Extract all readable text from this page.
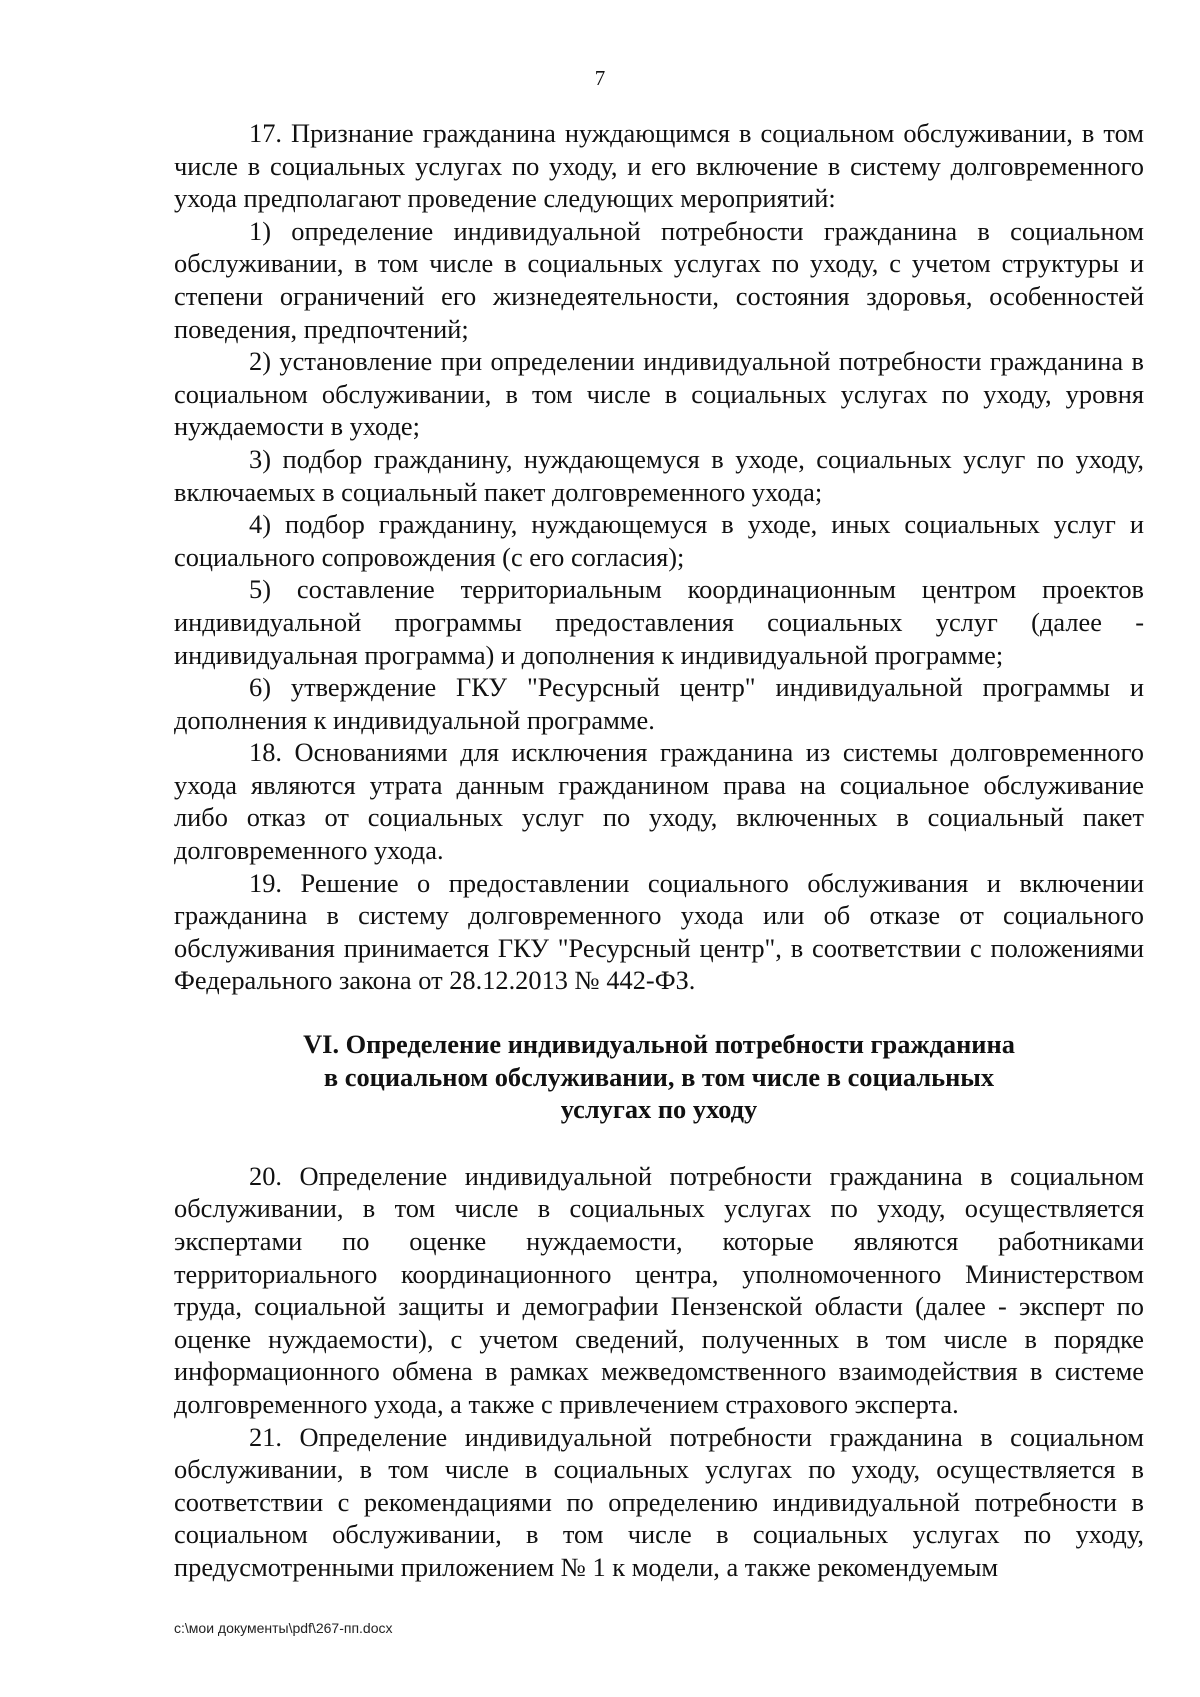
7

17. Признание гражданина нуждающимся в социальном обслуживании, в том числе в социальных услугах по уходу, и его включение в систему долговременного ухода предполагают проведение следующих мероприятий:

1) определение индивидуальной потребности гражданина в социальном обслуживании, в том числе в социальных услугах по уходу, с учетом структуры и степени ограничений его жизнедеятельности, состояния здоровья, особенностей поведения, предпочтений;

2) установление при определении индивидуальной потребности гражданина в социальном обслуживании, в том числе в социальных услугах по уходу, уровня нуждаемости в уходе;

3) подбор гражданину, нуждающемуся в уходе, социальных услуг по уходу, включаемых в социальный пакет долговременного ухода;

4) подбор гражданину, нуждающемуся в уходе, иных социальных услуг и социального сопровождения (с его согласия);

5) составление территориальным координационным центром проектов индивидуальной программы предоставления социальных услуг (далее - индивидуальная программа) и дополнения к индивидуальной программе;

6) утверждение ГКУ "Ресурсный центр" индивидуальной программы и дополнения к индивидуальной программе.

18. Основаниями для исключения гражданина из системы долговременного ухода являются утрата данным гражданином права на социальное обслуживание либо отказ от социальных услуг по уходу, включенных в социальный пакет долговременного ухода.

19. Решение о предоставлении социального обслуживания и включении гражданина в систему долговременного ухода или об отказе от социального обслуживания принимается ГКУ "Ресурсный центр", в соответствии с положениями Федерального закона от 28.12.2013 № 442-ФЗ.

VI. Определение индивидуальной потребности гражданина

в социальном обслуживании, в том числе в социальных

услугах по уходу

20. Определение индивидуальной потребности гражданина в социальном обслуживании, в том числе в социальных услугах по уходу, осуществляется экспертами по оценке нуждаемости, которые являются работниками территориального координационного центра, уполномоченного Министерством труда, социальной защиты и демографии Пензенской области (далее - эксперт по оценке нуждаемости), с учетом сведений, полученных в том числе в порядке информационного обмена в рамках межведомственного взаимодействия в системе долговременного ухода, а также с привлечением страхового эксперта.

21. Определение индивидуальной потребности гражданина в социальном обслуживании, в том числе в социальных услугах по уходу, осуществляется в соответствии с рекомендациями по определению индивидуальной потребности в социальном обслуживании, в том числе в социальных услугах по уходу, предусмотренными приложением № 1 к модели, а также рекомендуемым

c:\мои документы\pdf\267-пп.docx
